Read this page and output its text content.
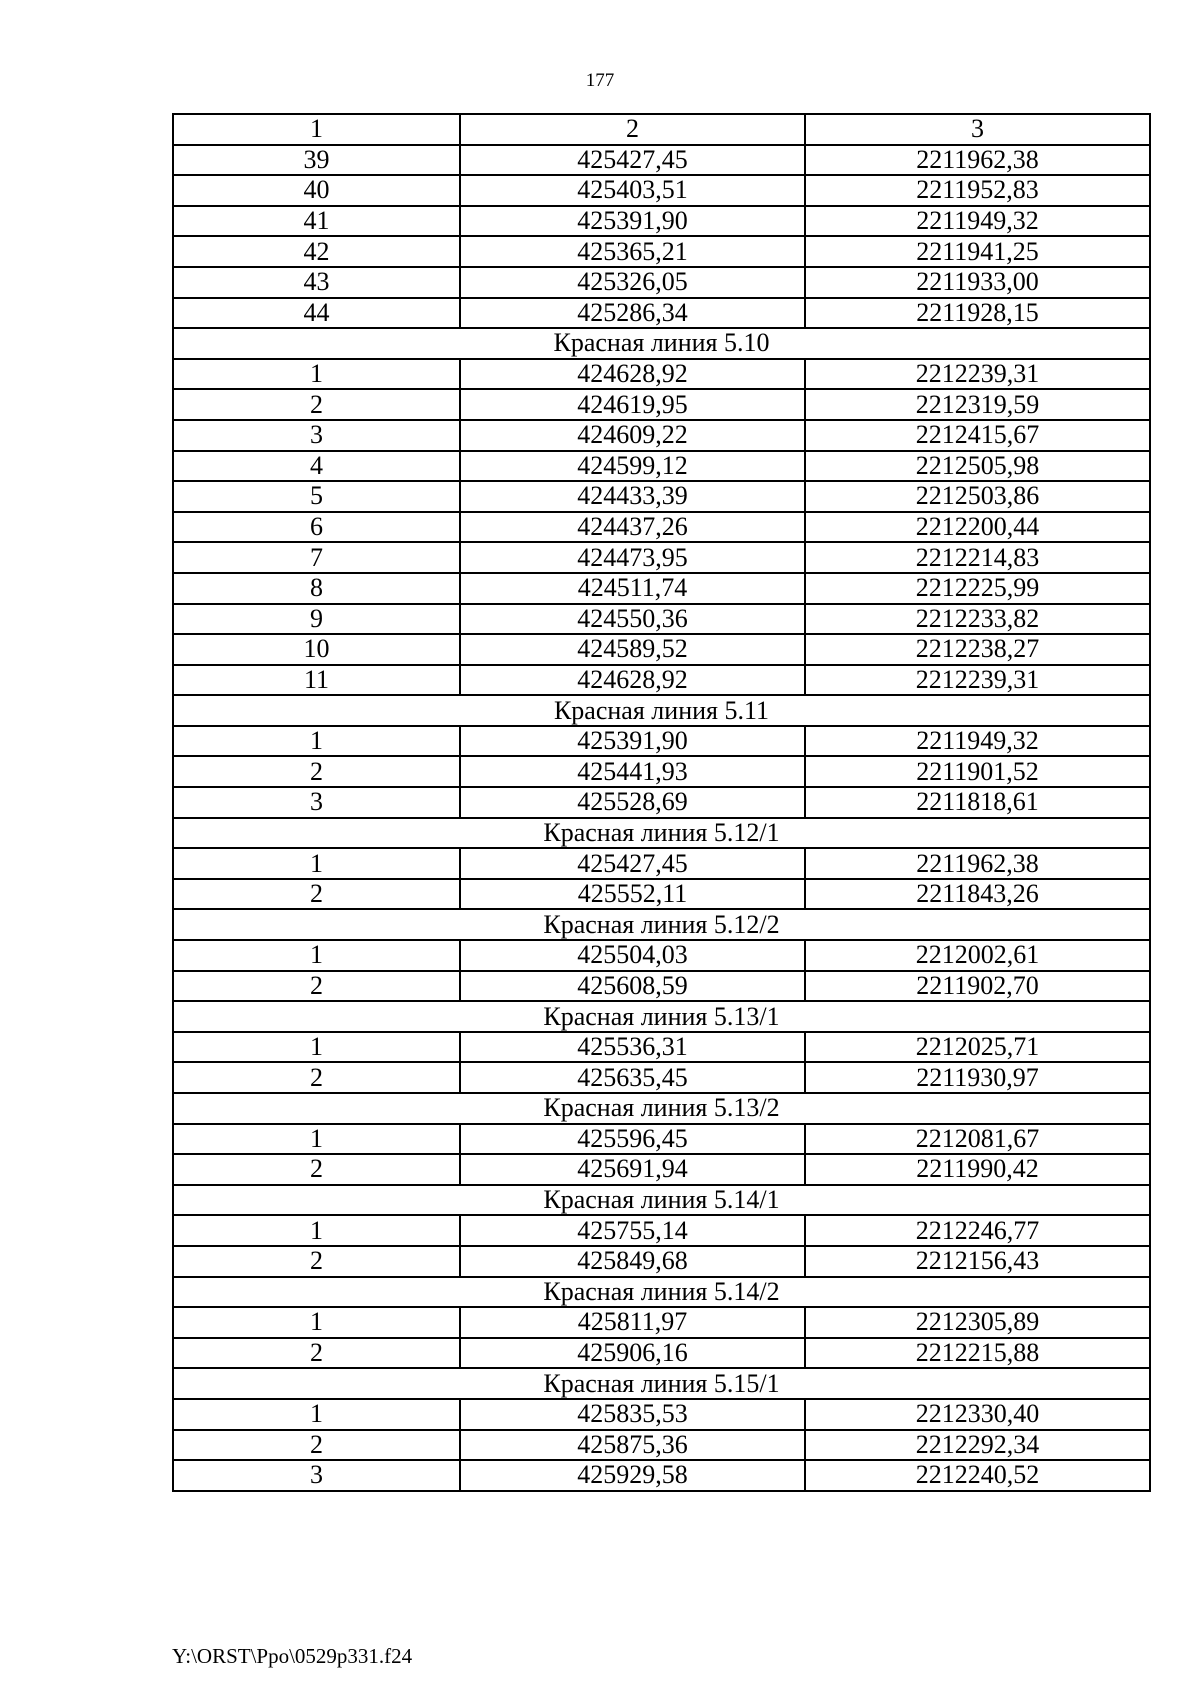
177
1	2	3
39	425427,45	2211962,38
40	425403,51	2211952,83
41	425391,90	2211949,32
42	425365,21	2211941,25
43	425326,05	2211933,00
44	425286,34	2211928,15
Красная линия 5.10		
1	424628,92	2212239,31
2	424619,95	2212319,59
3	424609,22	2212415,67
4	424599,12	2212505,98
5	424433,39	2212503,86
6	424437,26	2212200,44
7	424473,95	2212214,83
8	424511,74	2212225,99
9	424550,36	2212233,82
10	424589,52	2212238,27
11	424628,92	2212239,31
Красная линия 5.11		
1	425391,90	2211949,32
2	425441,93	2211901,52
3	425528,69	2211818,61
Красная линия 5.12/1		
1	425427,45	2211962,38
2	425552,11	2211843,26
Красная линия 5.12/2		
1	425504,03	2212002,61
2	425608,59	2211902,70
Красная линия 5.13/1		
1	425536,31	2212025,71
2	425635,45	2211930,97
Красная линия 5.13/2		
1	425596,45	2212081,67
2	425691,94	2211990,42
Красная линия 5.14/1		
1	425755,14	2212246,77
2	425849,68	2212156,43
Красная линия 5.14/2		
1	425811,97	2212305,89
2	425906,16	2212215,88
Красная линия 5.15/1		
1	425835,53	2212330,40
2	425875,36	2212292,34
3	425929,58	2212240,52
Y:\ORST\Ppo\0529p331.f24
